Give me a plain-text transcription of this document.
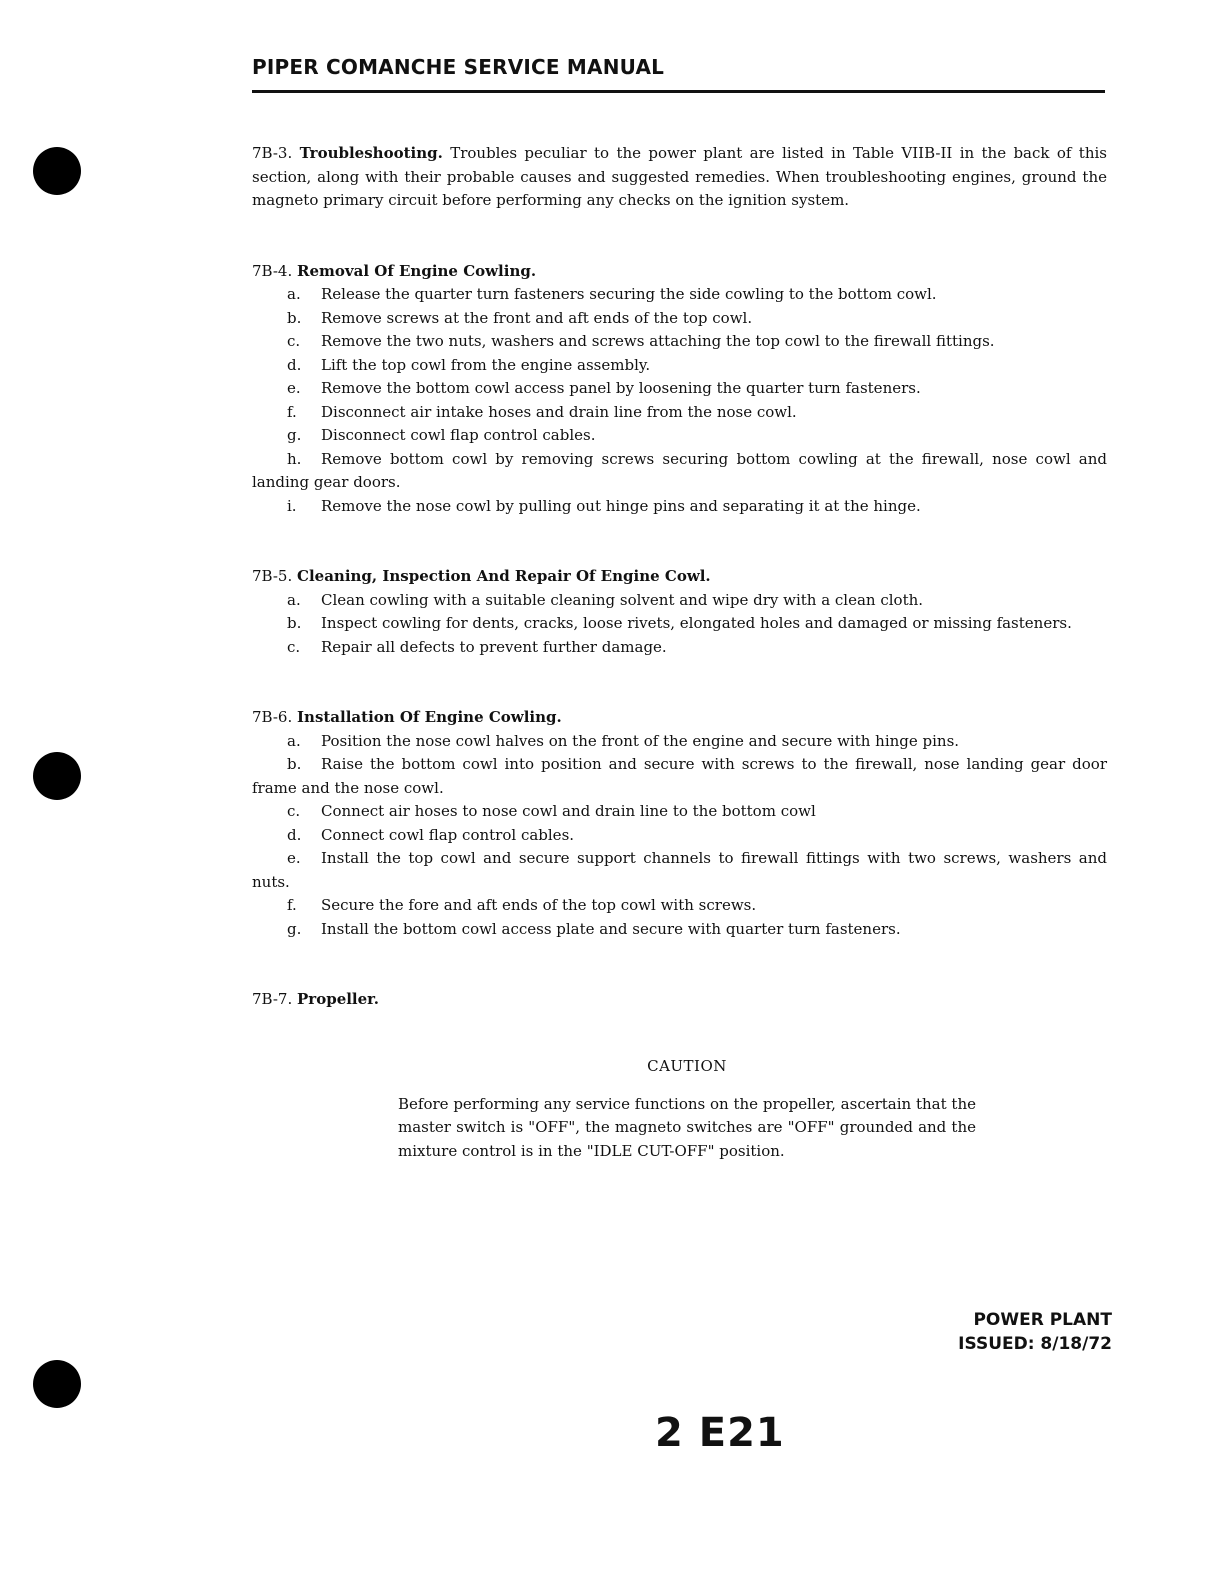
PIPER COMANCHE SERVICE MANUAL

7B-3. Troubleshooting. Troubles peculiar to the power plant are listed in Table VIIB-II in the back of this section, along with their probable causes and suggested remedies. When troubleshooting engines, ground the magneto primary circuit before performing any checks on the ignition system.

7B-4. Removal Of Engine Cowling.

a. Release the quarter turn fasteners securing the side cowling to the bottom cowl.

b. Remove screws at the front and aft ends of the top cowl.

c. Remove the two nuts, washers and screws attaching the top cowl to the firewall fittings.

d. Lift the top cowl from the engine assembly.

e. Remove the bottom cowl access panel by loosening the quarter turn fasteners.

f. Disconnect air intake hoses and drain line from the nose cowl.

g. Disconnect cowl flap control cables.

h. Remove bottom cowl by removing screws securing bottom cowling at the firewall, nose cowl and landing gear doors.

i. Remove the nose cowl by pulling out hinge pins and separating it at the hinge.

7B-5. Cleaning, Inspection And Repair Of Engine Cowl.

a. Clean cowling with a suitable cleaning solvent and wipe dry with a clean cloth.

b. Inspect cowling for dents, cracks, loose rivets, elongated holes and damaged or missing fasteners.

c. Repair all defects to prevent further damage.

7B-6. Installation Of Engine Cowling.

a. Position the nose cowl halves on the front of the engine and secure with hinge pins.

b. Raise the bottom cowl into position and secure with screws to the firewall, nose landing gear door frame and the nose cowl.

c. Connect air hoses to nose cowl and drain line to the bottom cowl

d. Connect cowl flap control cables.

e. Install the top cowl and secure support channels to firewall fittings with two screws, washers and nuts.

f. Secure the fore and aft ends of the top cowl with screws.

g. Install the bottom cowl access plate and secure with quarter turn fasteners.

7B-7. Propeller.

CAUTION

Before performing any service functions on the propeller, ascertain that the master switch is "OFF", the magneto switches are "OFF" grounded and the mixture control is in the "IDLE CUT-OFF" position.

POWER PLANT
ISSUED: 8/18/72
2 E21
